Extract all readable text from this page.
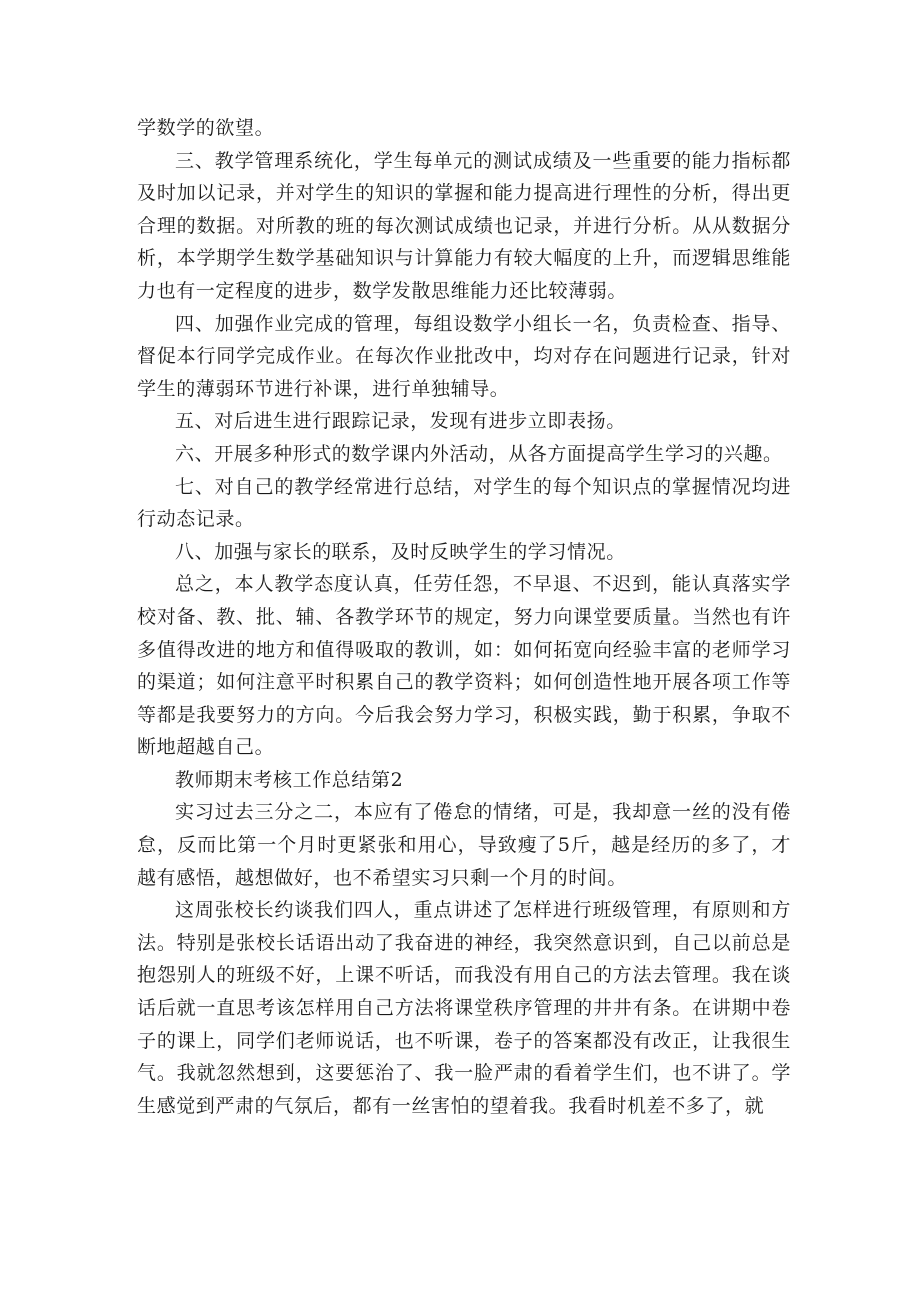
学数学的欲望。

三、教学管理系统化，学生每单元的测试成绩及一些重要的能力指标都及时加以记录，并对学生的知识的掌握和能力提高进行理性的分析，得出更合理的数据。对所教的班的每次测试成绩也记录，并进行分析。从从数据分析，本学期学生数学基础知识与计算能力有较大幅度的上升，而逻辑思维能力也有一定程度的进步，数学发散思维能力还比较薄弱。

四、加强作业完成的管理，每组设数学小组长一名，负责检查、指导、督促本行同学完成作业。在每次作业批改中，均对存在问题进行记录，针对学生的薄弱环节进行补课，进行单独辅导。

五、对后进生进行跟踪记录，发现有进步立即表扬。

六、开展多种形式的数学课内外活动，从各方面提高学生学习的兴趣。

七、对自己的教学经常进行总结，对学生的每个知识点的掌握情况均进行动态记录。

八、加强与家长的联系，及时反映学生的学习情况。

总之，本人教学态度认真，任劳任怨，不早退、不迟到，能认真落实学校对备、教、批、辅、各教学环节的规定，努力向课堂要质量。当然也有许多值得改进的地方和值得吸取的教训，如：如何拓宽向经验丰富的老师学习的渠道；如何注意平时积累自己的教学资料；如何创造性地开展各项工作等等都是我要努力的方向。今后我会努力学习，积极实践，勤于积累，争取不断地超越自己。

教师期末考核工作总结第2

实习过去三分之二，本应有了倦怠的情绪，可是，我却意一丝的没有倦怠，反而比第一个月时更紧张和用心，导致瘦了5斤，越是经历的多了，才越有感悟，越想做好，也不希望实习只剩一个月的时间。

这周张校长约谈我们四人，重点讲述了怎样进行班级管理，有原则和方法。特别是张校长话语出动了我奋进的神经，我突然意识到，自己以前总是抱怨别人的班级不好，上课不听话，而我没有用自己的方法去管理。我在谈话后就一直思考该怎样用自己方法将课堂秩序管理的井井有条。在讲期中卷子的课上，同学们老师说话，也不听课，卷子的答案都没有改正，让我很生气。我就忽然想到，这要惩治了、我一脸严肃的看着学生们，也不讲了。学生感觉到严肃的气氛后，都有一丝害怕的望着我。我看时机差不多了，就
